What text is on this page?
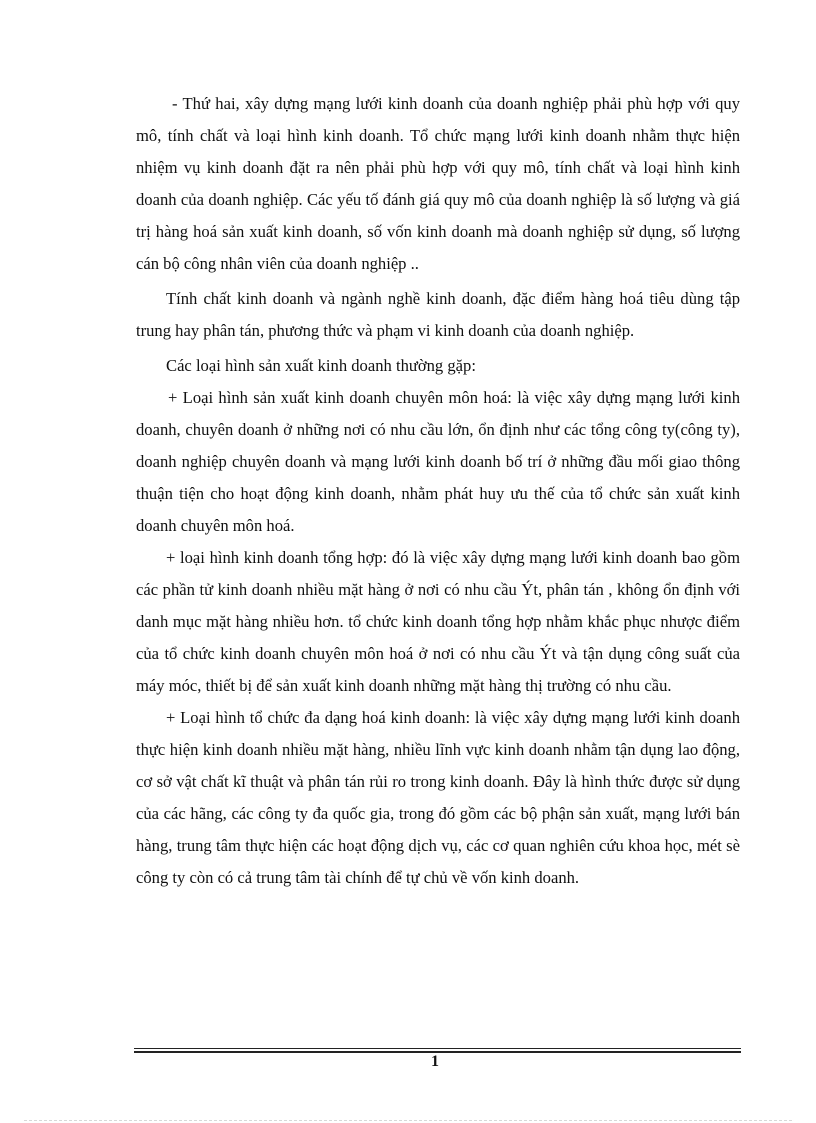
- Thứ hai, xây dựng mạng lưới kinh doanh của doanh nghiệp phải phù hợp với quy mô, tính chất và loại hình kinh doanh. Tổ chức mạng lưới kinh doanh nhằm thực hiện nhiệm vụ kinh doanh đặt ra nên phải phù hợp với quy mô, tính chất và loại hình kinh doanh của doanh nghiệp. Các yếu tố đánh giá quy mô của doanh nghiệp là số lượng và giá trị hàng hoá sản xuất kinh doanh, số vốn kinh doanh mà doanh nghiệp sử dụng, số lượng cán bộ công nhân viên của doanh nghiệp ..

Tính chất kinh doanh và ngành nghề kinh doanh, đặc điểm hàng hoá tiêu dùng tập trung hay phân tán, phương thức và phạm vi kinh doanh của doanh nghiệp.

Các loại hình sản xuất kinh doanh thường gặp:

+ Loại hình sản xuất kinh doanh chuyên môn hoá: là việc xây dựng mạng lưới kinh doanh, chuyên doanh ở những nơi có nhu cầu lớn, ổn định như các tổng công ty(công ty), doanh nghiệp chuyên doanh và mạng lưới kinh doanh bố trí ở những đầu mối giao thông thuận tiện cho hoạt động kinh doanh, nhằm phát huy ưu thế của tổ chức sản xuất kinh doanh chuyên môn hoá.

+ loại hình kinh doanh tổng hợp: đó là việc xây dựng mạng lưới kinh doanh bao gồm các phần tử kinh doanh nhiều mặt hàng ở nơi có nhu cầu Ýt, phân tán , không ổn định với danh mục mặt hàng nhiều hơn. tổ chức kinh doanh tổng hợp nhằm khắc phục nhược điểm của tổ chức kinh doanh chuyên môn hoá ở nơi có nhu cầu Ýt và tận dụng công suất của máy móc, thiết bị để sản xuất kinh doanh những mặt hàng thị trường có nhu cầu.

+ Loại hình tổ chức đa dạng hoá kinh doanh: là việc xây dựng mạng lưới kinh doanh thực hiện kinh doanh nhiều mặt hàng, nhiều lĩnh vực kinh doanh nhằm tận dụng lao động, cơ sở vật chất kĩ thuật và phân tán rủi ro trong kinh doanh. Đây là hình thức được sử dụng của các hãng, các công ty đa quốc gia, trong đó gồm các bộ phận sản xuất, mạng lưới bán hàng, trung tâm thực hiện các hoạt động dịch vụ, các cơ quan nghiên cứu khoa học, mét sè công ty còn có cả trung tâm tài chính để tự chủ về vốn kinh doanh.

1
